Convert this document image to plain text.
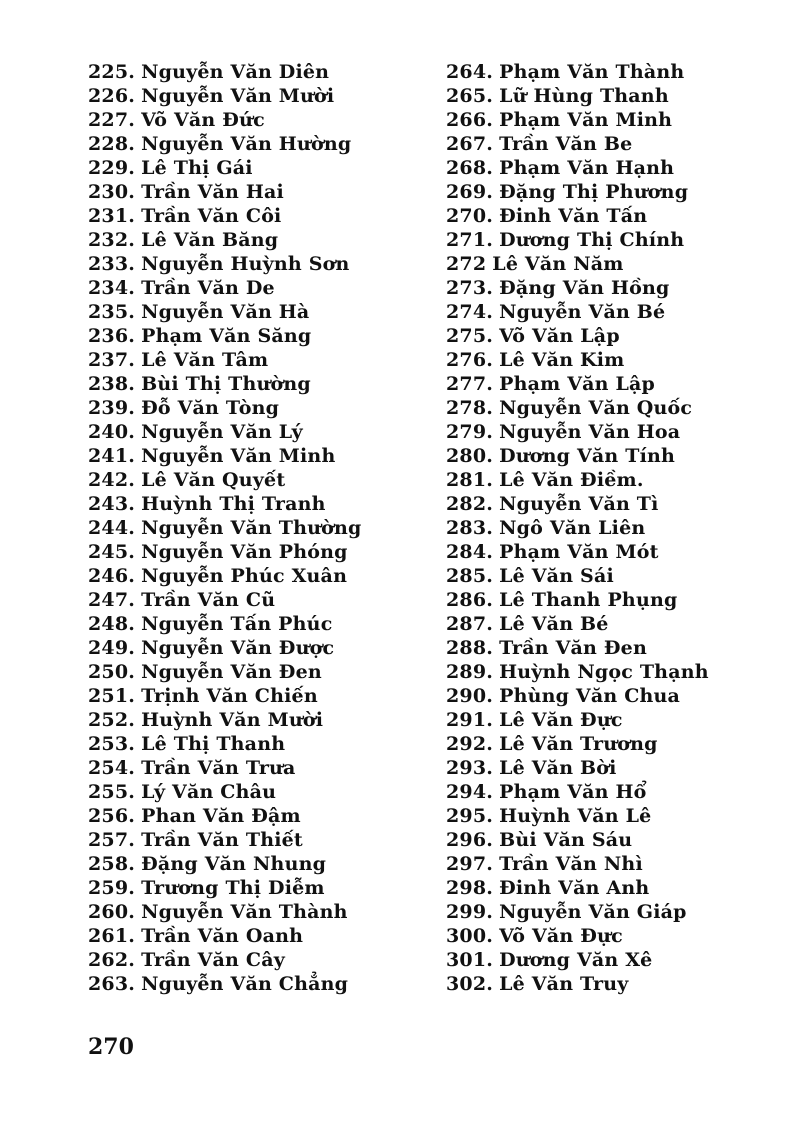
225. Nguyễn Văn Diên
226. Nguyễn Văn Mười
227. Võ Văn Đức
228. Nguyễn Văn Hường
229. Lê Thị Gái
230. Trần Văn Hai
231. Trần Văn Côi
232. Lê Văn Băng
233. Nguyễn Huỳnh Sơn
234. Trần Văn De
235. Nguyễn Văn Hà
236. Phạm Văn Săng
237. Lê Văn Tâm
238. Bùi Thị Thường
239. Đỗ Văn Tòng
240. Nguyễn Văn Lý
241. Nguyễn Văn Minh
242. Lê Văn Quyết
243. Huỳnh Thị Tranh
244. Nguyễn Văn Thường
245. Nguyễn Văn Phóng
246. Nguyễn Phúc Xuân
247. Trần Văn Cũ
248. Nguyễn Tấn Phúc
249. Nguyễn Văn Được
250. Nguyễn Văn Đen
251. Trịnh Văn Chiến
252. Huỳnh Văn Mười
253. Lê Thị Thanh
254. Trần Văn Trưa
255. Lý Văn Châu
256. Phan Văn Đậm
257. Trần Văn Thiết
258. Đặng Văn Nhung
259. Trương Thị Diễm
260. Nguyễn Văn Thành
261. Trần Văn Oanh
262. Trần Văn Cây
263. Nguyễn Văn Chẳng
264. Phạm Văn Thành
265. Lữ Hùng Thanh
266. Phạm Văn Minh
267. Trần Văn Be
268. Phạm Văn Hạnh
269. Đặng Thị Phương
270. Đinh Văn Tấn
271. Dương Thị Chính
272 Lê Văn Năm
273. Đặng Văn Hồng
274. Nguyễn Văn Bé
275. Võ Văn Lập
276. Lê Văn Kim
277. Phạm Văn Lập
278. Nguyễn Văn Quốc
279. Nguyễn Văn Hoa
280. Dương Văn Tính
281. Lê Văn Điềm.
282. Nguyễn Văn Tì
283. Ngô Văn Liên
284. Phạm Văn Mót
285. Lê Văn Sái
286. Lê Thanh Phụng
287. Lê Văn Bé
288. Trần Văn Đen
289. Huỳnh Ngọc Thạnh
290. Phùng Văn Chua
291. Lê Văn Đực
292. Lê Văn Trương
293. Lê Văn Bời
294. Phạm Văn Hổ
295. Huỳnh Văn Lê
296. Bùi Văn Sáu
297. Trần Văn Nhì
298. Đinh Văn Anh
299. Nguyễn Văn Giáp
300. Võ Văn Đực
301. Dương Văn Xê
302. Lê Văn Truy
270
